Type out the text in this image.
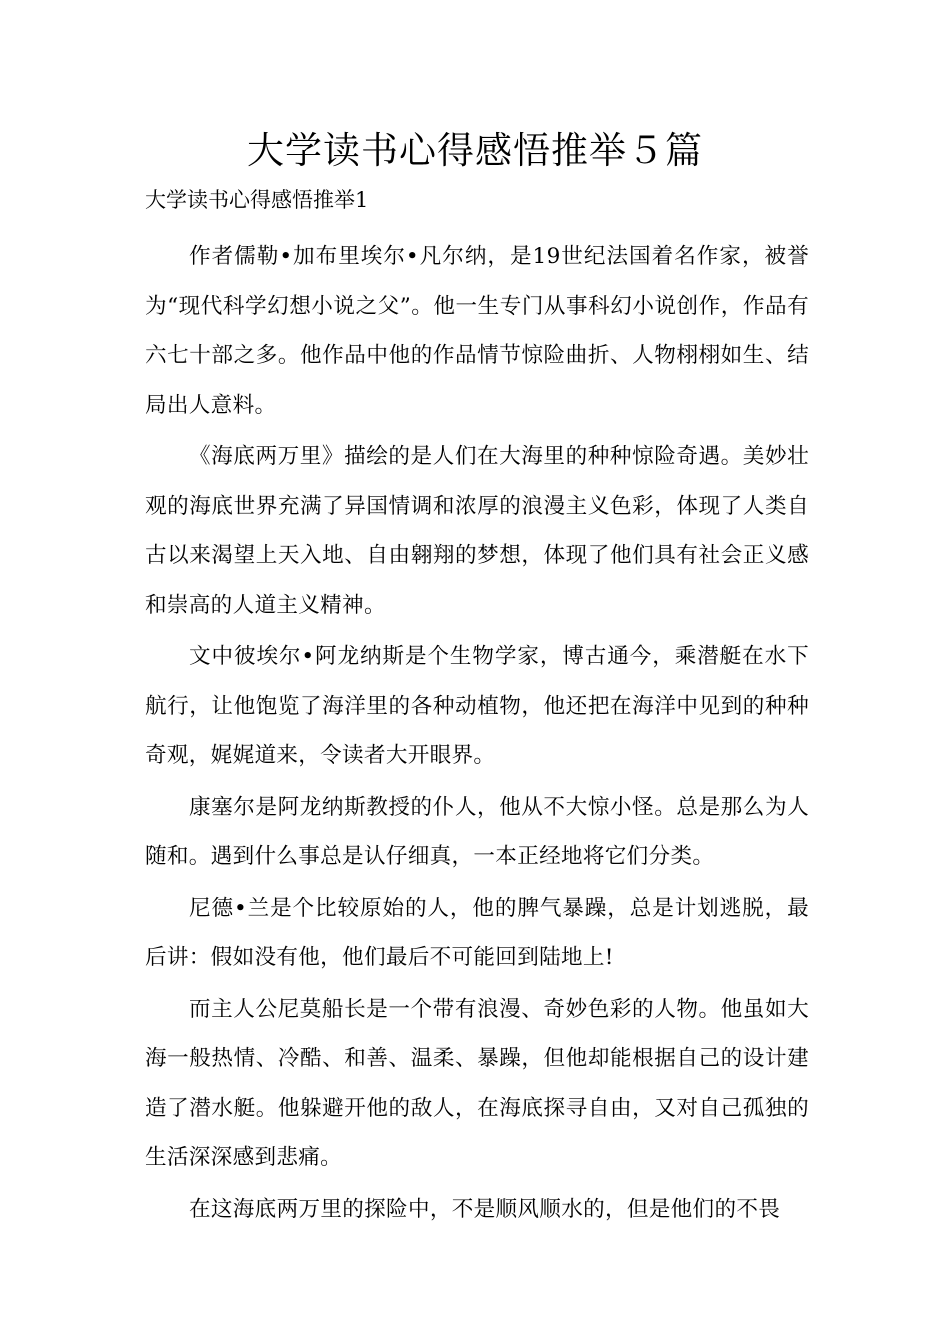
大学读书心得感悟推举５篇

大学读书心得感悟推举1

作者儒勒•加布里埃尔•凡尔纳，是19世纪法国着名作家，被誉为“现代科学幻想小说之父”。他一生专门从事科幻小说创作，作品有六七十部之多。他作品中他的作品情节惊险曲折、人物栩栩如生、结局出人意料。

《海底两万里》描绘的是人们在大海里的种种惊险奇遇。美妙壮观的海底世界充满了异国情调和浓厚的浪漫主义色彩，体现了人类自古以来渴望上天入地、自由翱翔的梦想，体现了他们具有社会正义感和崇高的人道主义精神。

文中彼埃尔•阿龙纳斯是个生物学家，博古通今，乘潜艇在水下航行，让他饱览了海洋里的各种动植物，他还把在海洋中见到的种种奇观，娓娓道来，令读者大开眼界。

康塞尔是阿龙纳斯教授的仆人，他从不大惊小怪。总是那么为人随和。遇到什么事总是认仔细真，一本正经地将它们分类。

尼德•兰是个比较原始的人，他的脾气暴躁，总是计划逃脱，最后讲：假如没有他，他们最后不可能回到陆地上!

而主人公尼莫船长是一个带有浪漫、奇妙色彩的人物。他虽如大海一般热情、冷酷、和善、温柔、暴躁，但他却能根据自己的设计建造了潜水艇。他躲避开他的敌人，在海底探寻自由，又对自己孤独的生活深深感到悲痛。

在这海底两万里的探险中，不是顺风顺水的，但是他们的不畏
